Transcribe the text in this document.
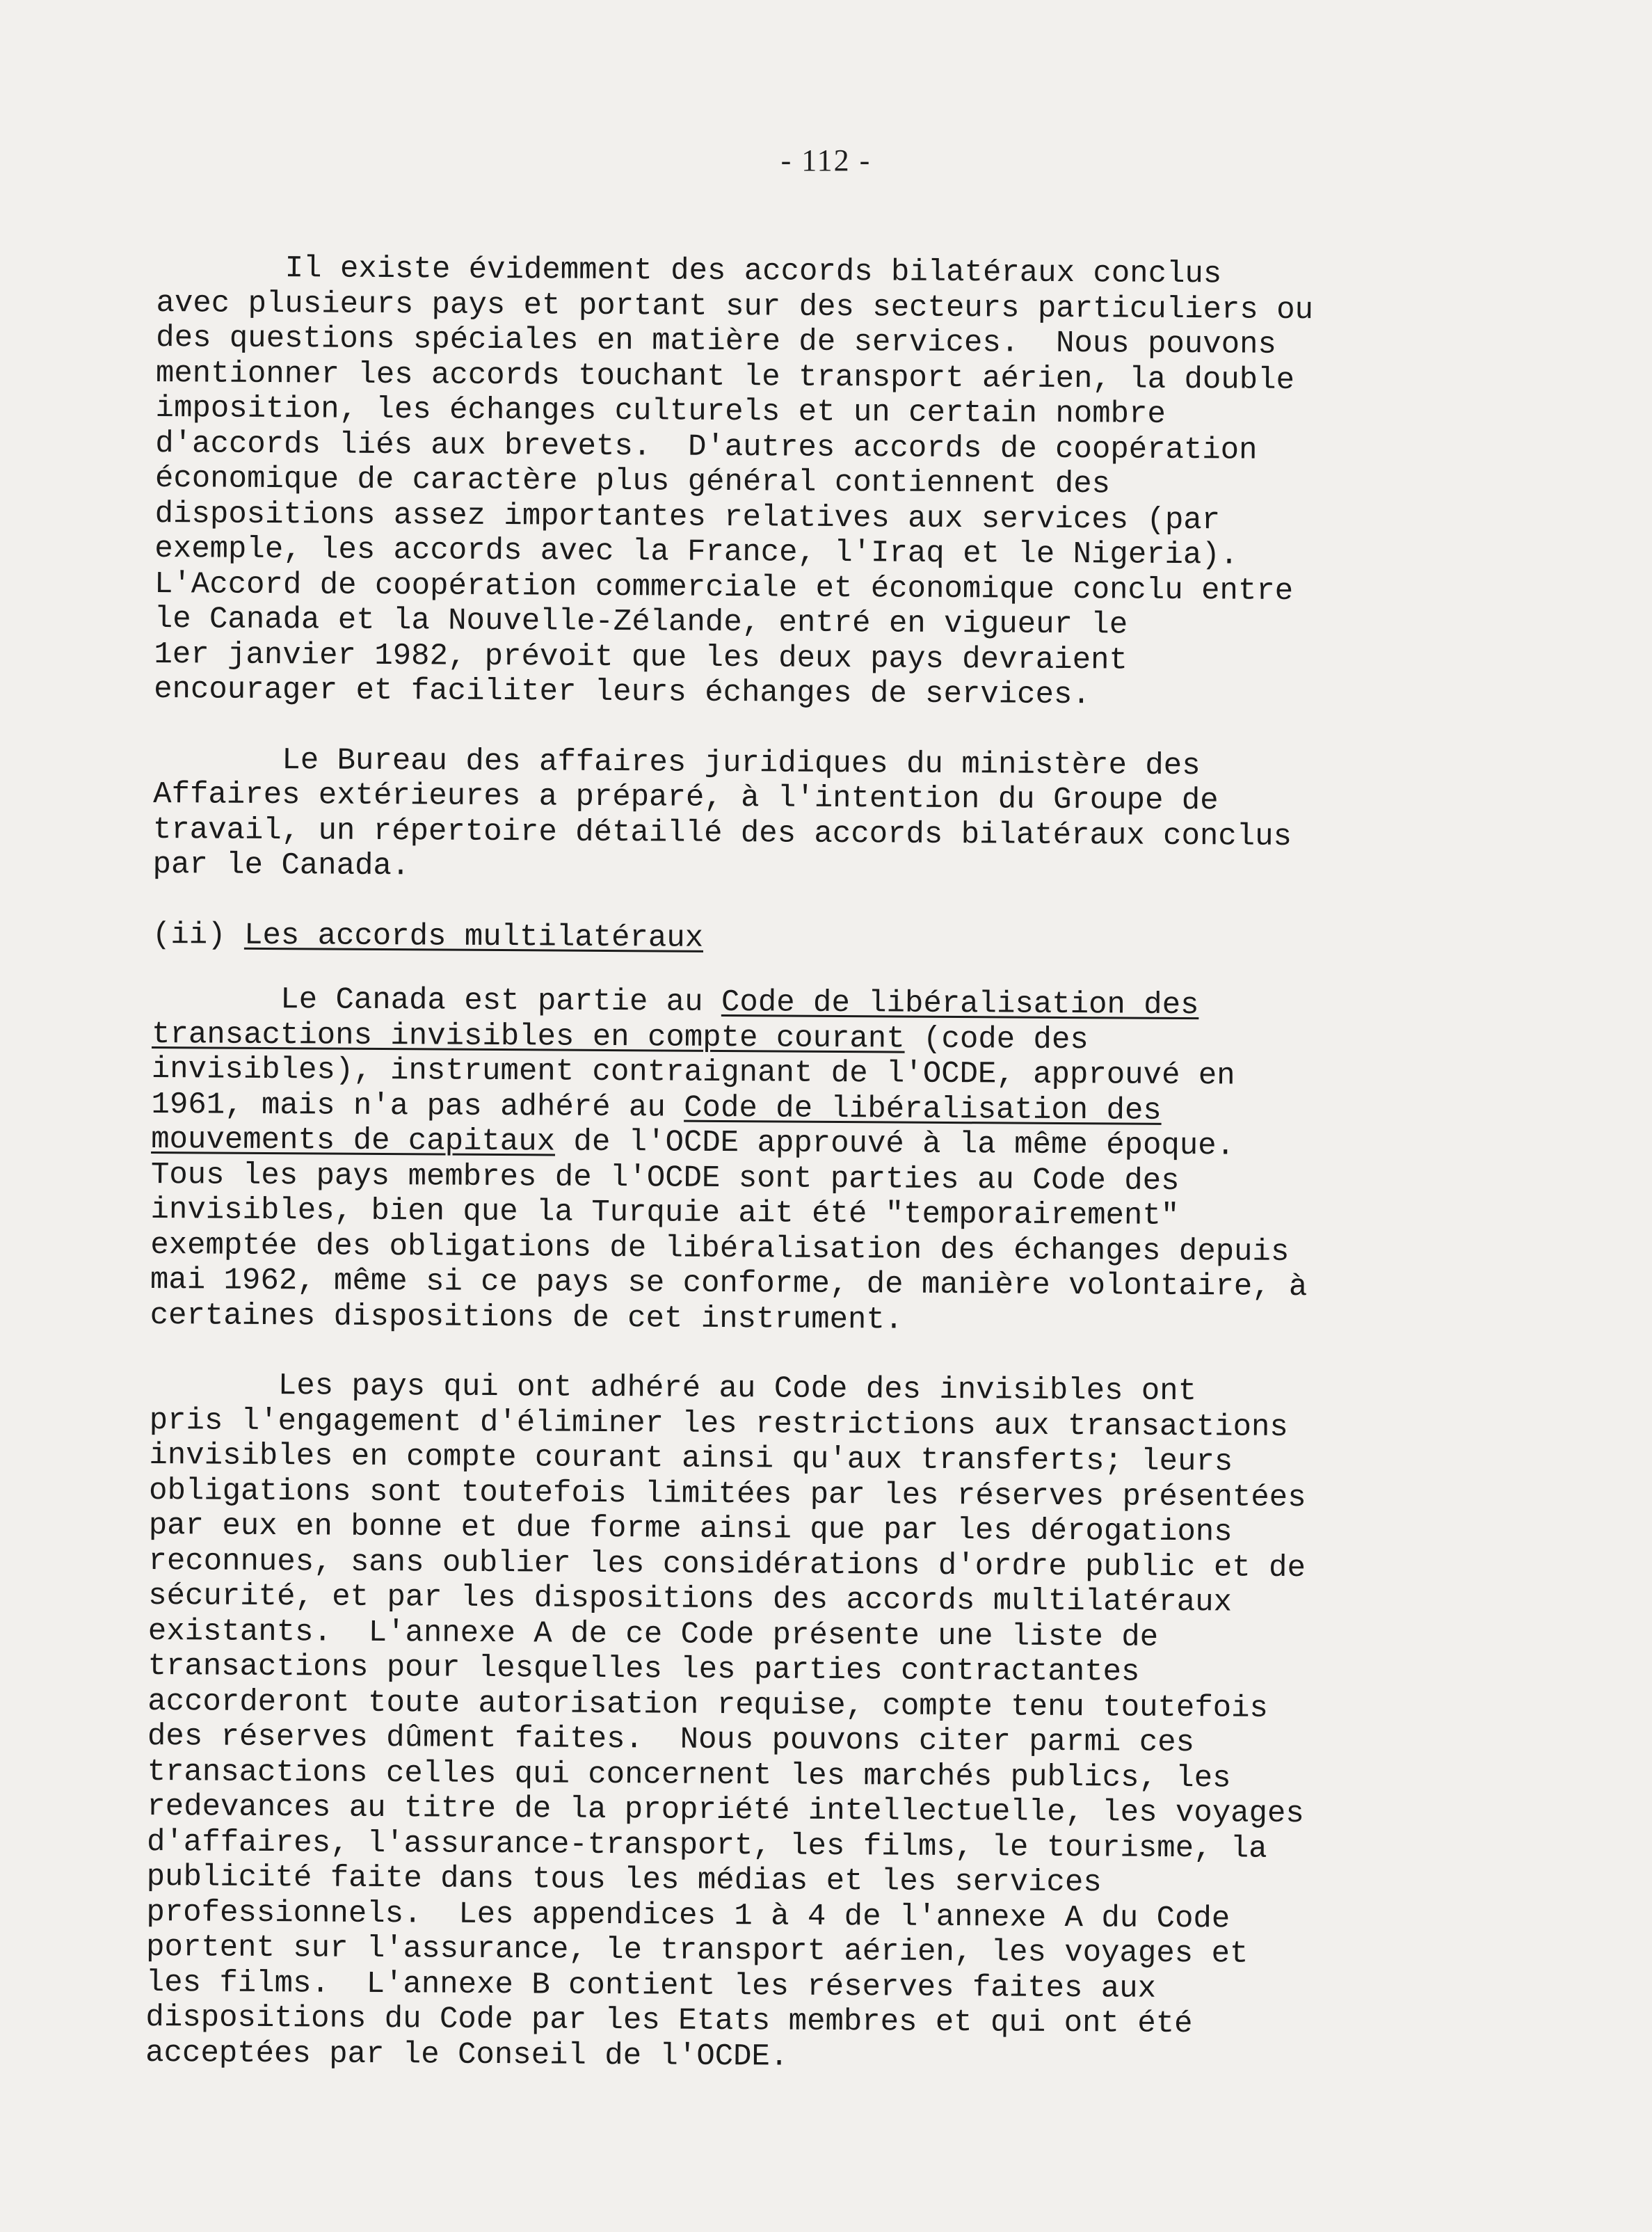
- 112 -
Il existe évidemment des accords bilatéraux conclus
avec plusieurs pays et portant sur des secteurs particuliers ou
des questions spéciales en matière de services.  Nous pouvons
mentionner les accords touchant le transport aérien, la double
imposition, les échanges culturels et un certain nombre
d'accords liés aux brevets.  D'autres accords de coopération
économique de caractère plus général contiennent des
dispositions assez importantes relatives aux services (par
exemple, les accords avec la France, l'Iraq et le Nigeria).
L'Accord de coopération commerciale et économique conclu entre
le Canada et la Nouvelle-Zélande, entré en vigueur le
1er janvier 1982, prévoit que les deux pays devraient
encourager et faciliter leurs échanges de services.
Le Bureau des affaires juridiques du ministère des
Affaires extérieures a préparé, à l'intention du Groupe de
travail, un répertoire détaillé des accords bilatéraux conclus
par le Canada.
(ii) Les accords multilatéraux
Le Canada est partie au Code de libéralisation des
transactions invisibles en compte courant (code des
invisibles), instrument contraignant de l'OCDE, approuvé en
1961, mais n'a pas adhéré au Code de libéralisation des
mouvements de capitaux de l'OCDE approuvé à la même époque.
Tous les pays membres de l'OCDE sont parties au Code des
invisibles, bien que la Turquie ait été "temporairement"
exemptée des obligations de libéralisation des échanges depuis
mai 1962, même si ce pays se conforme, de manière volontaire, à
certaines dispositions de cet instrument.
Les pays qui ont adhéré au Code des invisibles ont
pris l'engagement d'éliminer les restrictions aux transactions
invisibles en compte courant ainsi qu'aux transferts; leurs
obligations sont toutefois limitées par les réserves présentées
par eux en bonne et due forme ainsi que par les dérogations
reconnues, sans oublier les considérations d'ordre public et de
sécurité, et par les dispositions des accords multilatéraux
existants.  L'annexe A de ce Code présente une liste de
transactions pour lesquelles les parties contractantes
accorderont toute autorisation requise, compte tenu toutefois
des réserves dûment faites.  Nous pouvons citer parmi ces
transactions celles qui concernent les marchés publics, les
redevances au titre de la propriété intellectuelle, les voyages
d'affaires, l'assurance-transport, les films, le tourisme, la
publicité faite dans tous les médias et les services
professionnels.  Les appendices 1 à 4 de l'annexe A du Code
portent sur l'assurance, le transport aérien, les voyages et
les films.  L'annexe B contient les réserves faites aux
dispositions du Code par les Etats membres et qui ont été
acceptées par le Conseil de l'OCDE.
